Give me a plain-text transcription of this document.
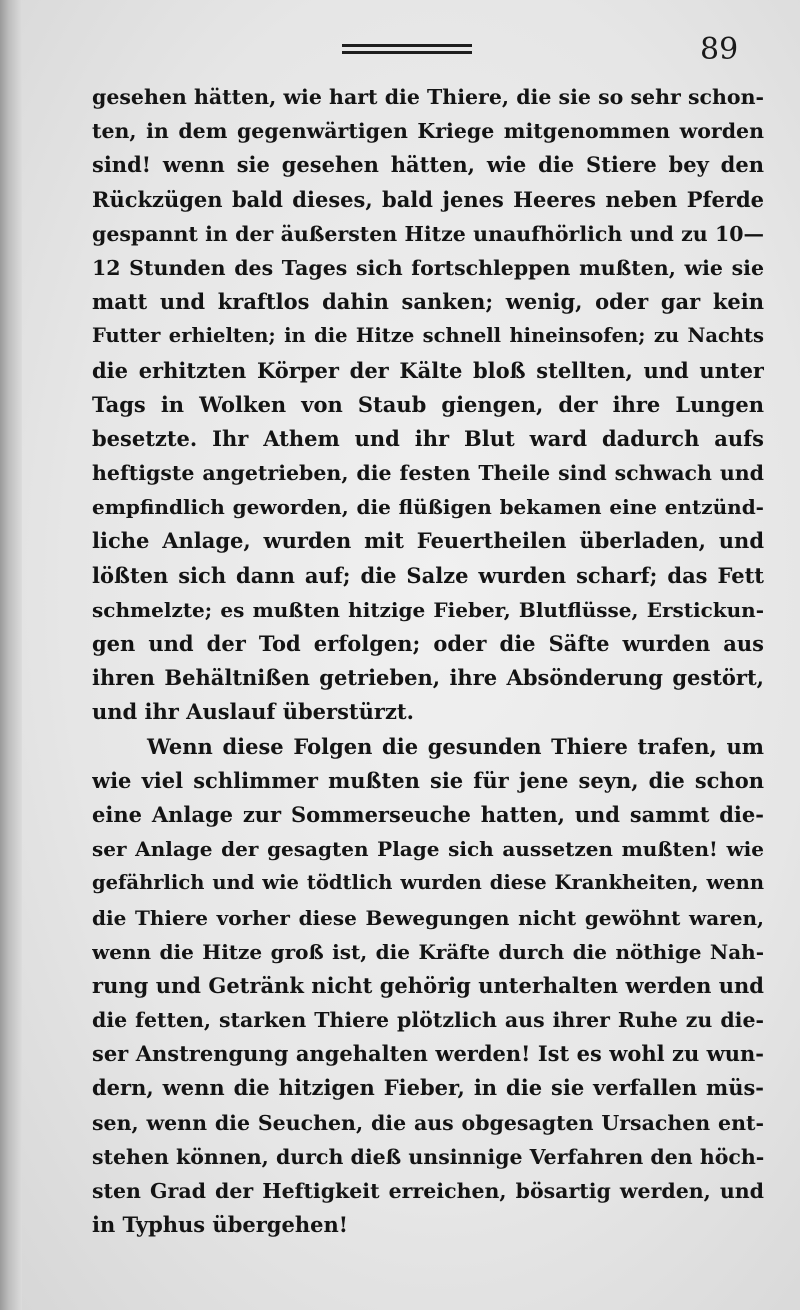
89
gesehen hätten, wie hart die Thiere, die sie so sehr schon-
ten, in dem gegenwärtigen Kriege mitgenommen worden
sind! wenn sie gesehen hätten, wie die Stiere bey den
Rückzügen bald dieses, bald jenes Heeres neben Pferde
gespannt in der äußersten Hitze unaufhörlich und zu 10—
12 Stunden des Tages sich fortschleppen mußten, wie sie
matt und kraftlos dahin sanken; wenig, oder gar kein
Futter erhielten; in die Hitze schnell hineinsofen; zu Nachts
die erhitzten Körper der Kälte bloß stellten, und unter
Tags in Wolken von Staub giengen, der ihre Lungen
besetzte. Ihr Athem und ihr Blut ward dadurch aufs
heftigste angetrieben, die festen Theile sind schwach und
empfindlich geworden, die flüßigen bekamen eine entzünd-
liche Anlage, wurden mit Feuertheilen überladen, und
lößten sich dann auf; die Salze wurden scharf; das Fett
schmelzte; es mußten hitzige Fieber, Blutflüsse, Erstickun-
gen und der Tod erfolgen; oder die Säfte wurden aus
ihren Behältnißen getrieben, ihre Absönderung gestört,
und ihr Auslauf überstürzt.
Wenn diese Folgen die gesunden Thiere trafen, um
wie viel schlimmer mußten sie für jene seyn, die schon
eine Anlage zur Sommerseuche hatten, und sammt die-
ser Anlage der gesagten Plage sich aussetzen mußten! wie
gefährlich und wie tödtlich wurden diese Krankheiten, wenn
die Thiere vorher diese Bewegungen nicht gewöhnt waren,
wenn die Hitze groß ist, die Kräfte durch die nöthige Nah-
rung und Getränk nicht gehörig unterhalten werden und
die fetten, starken Thiere plötzlich aus ihrer Ruhe zu die-
ser Anstrengung angehalten werden! Ist es wohl zu wun-
dern, wenn die hitzigen Fieber, in die sie verfallen müs-
sen, wenn die Seuchen, die aus obgesagten Ursachen ent-
stehen können, durch dieß unsinnige Verfahren den höch-
sten Grad der Heftigkeit erreichen, bösartig werden, und
in Typhus übergehen!
